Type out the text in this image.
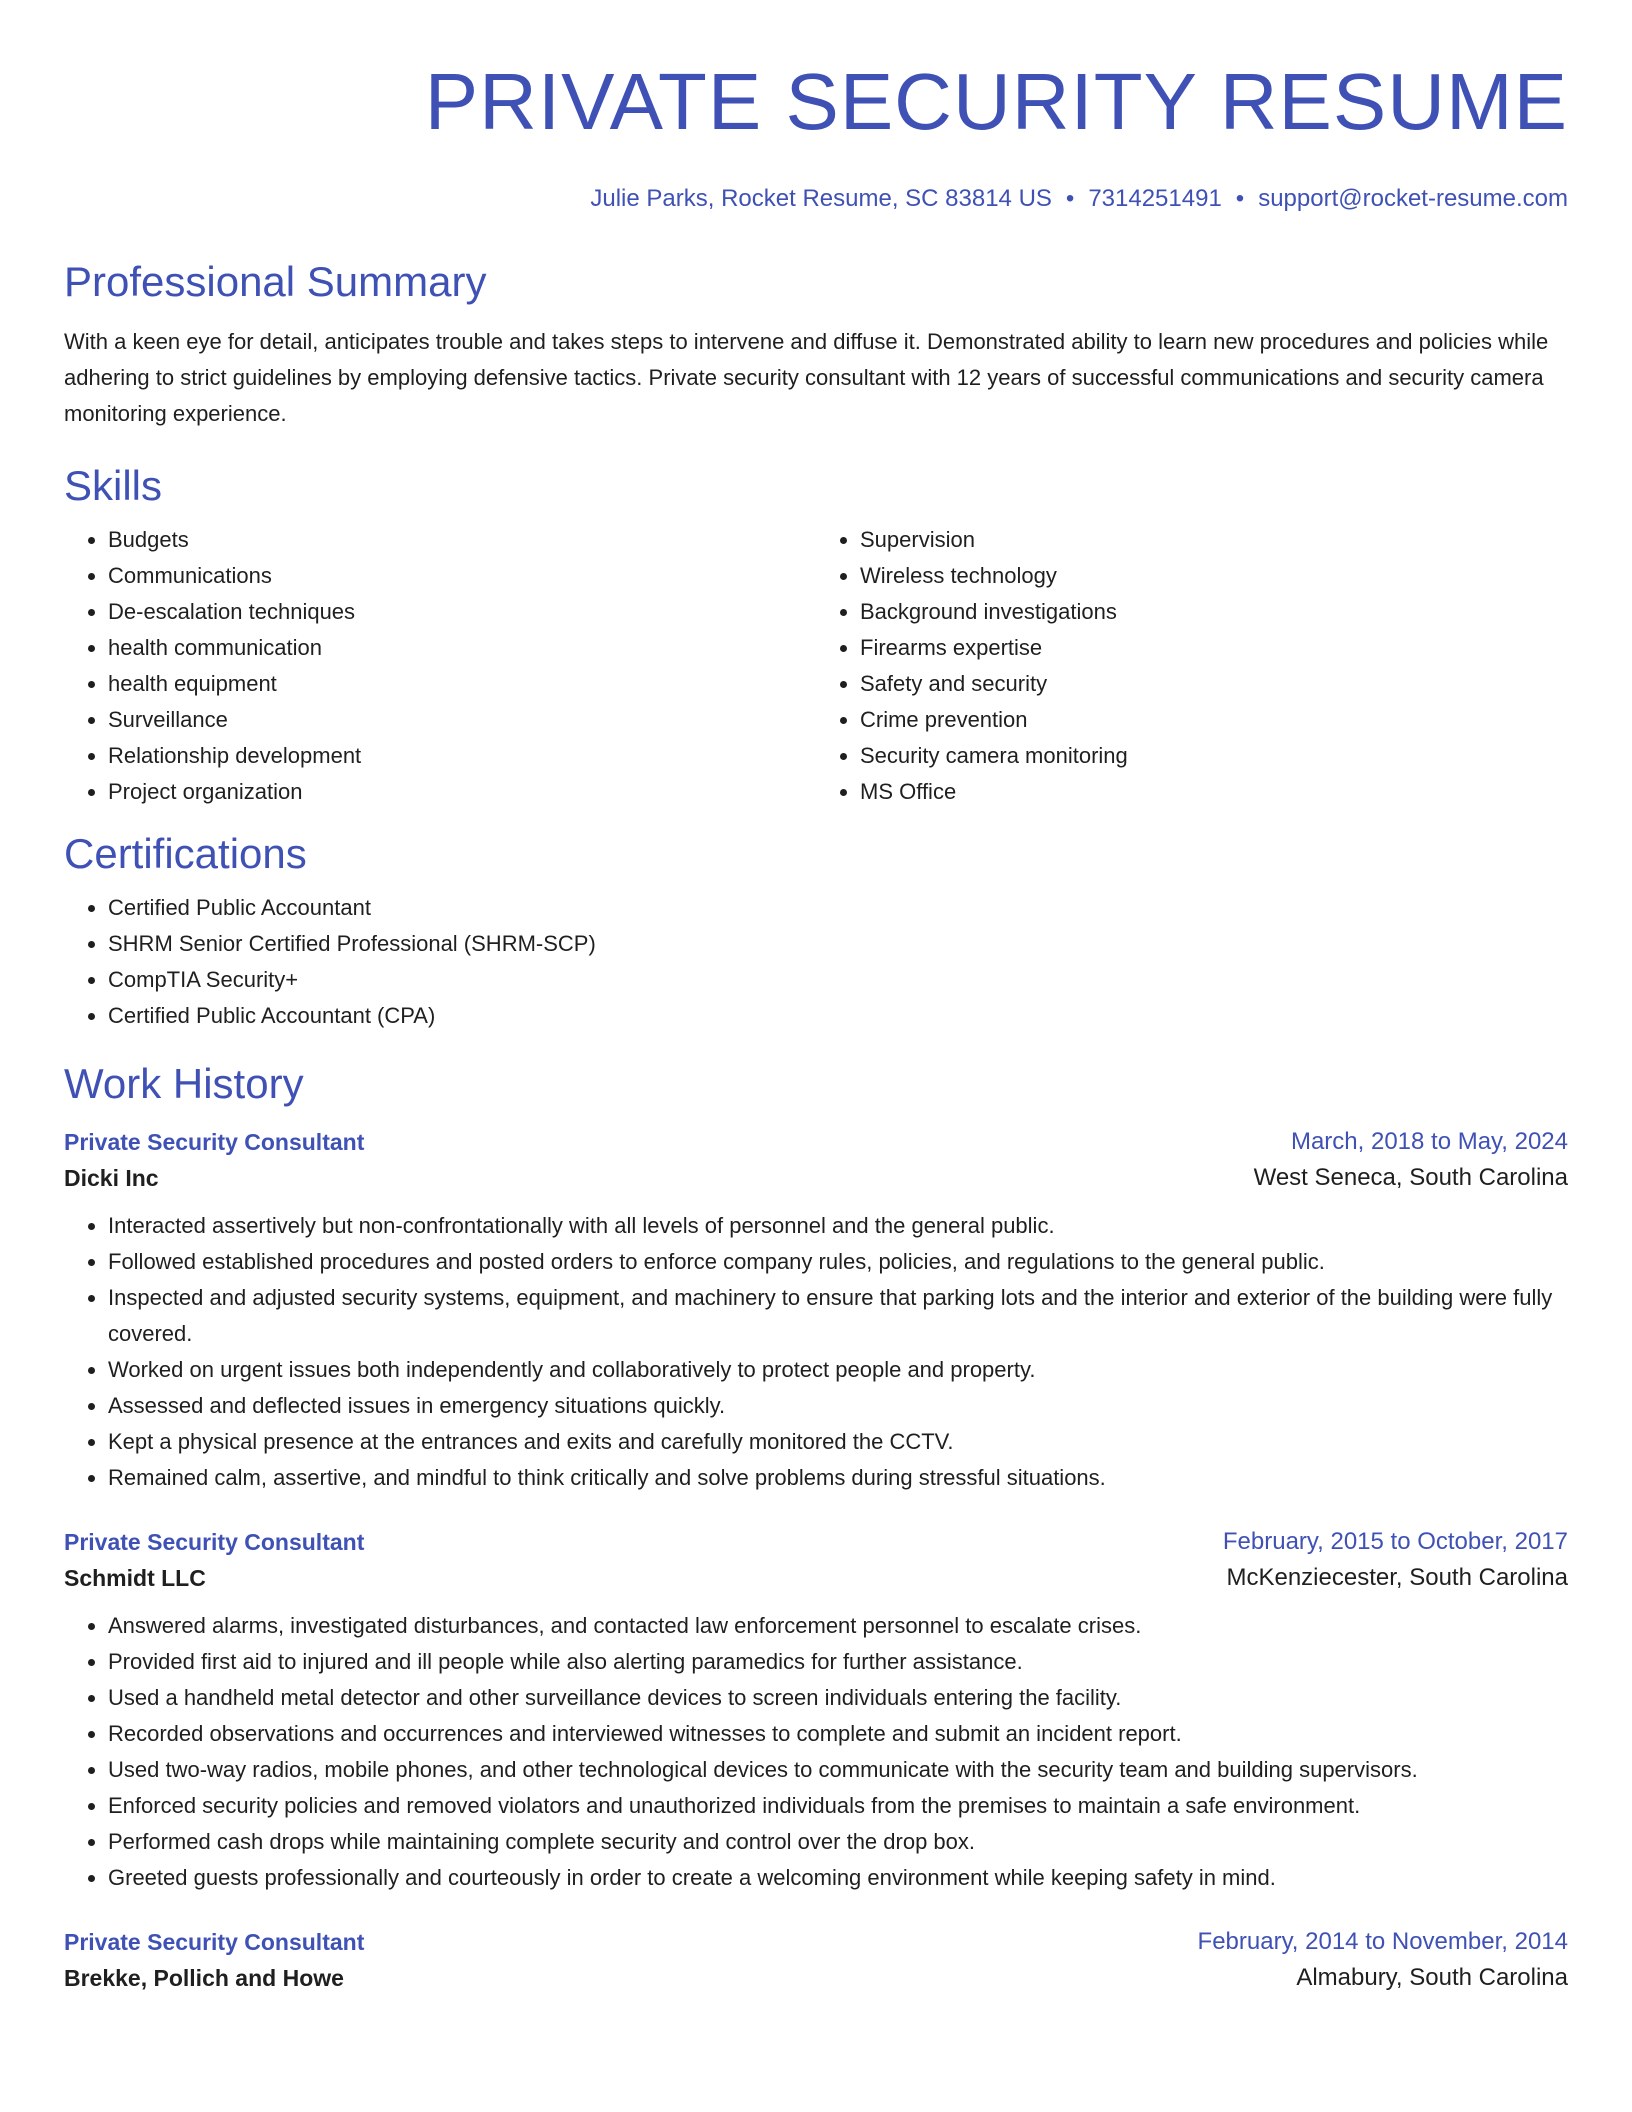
PRIVATE SECURITY RESUME
Julie Parks, Rocket Resume, SC 83814 US • 7314251491 • support@rocket-resume.com
Professional Summary

With a keen eye for detail, anticipates trouble and takes steps to intervene and diffuse it. Demonstrated ability to learn new procedures and policies while adhering to strict guidelines by employing defensive tactics. Private security consultant with 12 years of successful communications and security camera monitoring experience.

Skills
• Budgets
• Communications
• De-escalation techniques
• health communication
• health equipment
• Surveillance
• Relationship development
• Project organization
• Supervision
• Wireless technology
• Background investigations
• Firearms expertise
• Safety and security
• Crime prevention
• Security camera monitoring
• MS Office
Certifications
• Certified Public Accountant
• SHRM Senior Certified Professional (SHRM-SCP)
• CompTIA Security+
• Certified Public Accountant (CPA)
Work History
Private Security Consultant	March, 2018 to May, 2024
Dicki Inc	West Seneca, South Carolina
• Interacted assertively but non-confrontationally with all levels of personnel and the general public.
• Followed established procedures and posted orders to enforce company rules, policies, and regulations to the general public.
• Inspected and adjusted security systems, equipment, and machinery to ensure that parking lots and the interior and exterior of the building were fully covered.
• Worked on urgent issues both independently and collaboratively to protect people and property.
• Assessed and deflected issues in emergency situations quickly.
• Kept a physical presence at the entrances and exits and carefully monitored the CCTV.
• Remained calm, assertive, and mindful to think critically and solve problems during stressful situations.
Private Security Consultant	February, 2015 to October, 2017
Schmidt LLC	McKenziecester, South Carolina
• Answered alarms, investigated disturbances, and contacted law enforcement personnel to escalate crises.
• Provided first aid to injured and ill people while also alerting paramedics for further assistance.
• Used a handheld metal detector and other surveillance devices to screen individuals entering the facility.
• Recorded observations and occurrences and interviewed witnesses to complete and submit an incident report.
• Used two-way radios, mobile phones, and other technological devices to communicate with the security team and building supervisors.
• Enforced security policies and removed violators and unauthorized individuals from the premises to maintain a safe environment.
• Performed cash drops while maintaining complete security and control over the drop box.
• Greeted guests professionally and courteously in order to create a welcoming environment while keeping safety in mind.
Private Security Consultant	February, 2014 to November, 2014
Brekke, Pollich and Howe	Almabury, South Carolina
